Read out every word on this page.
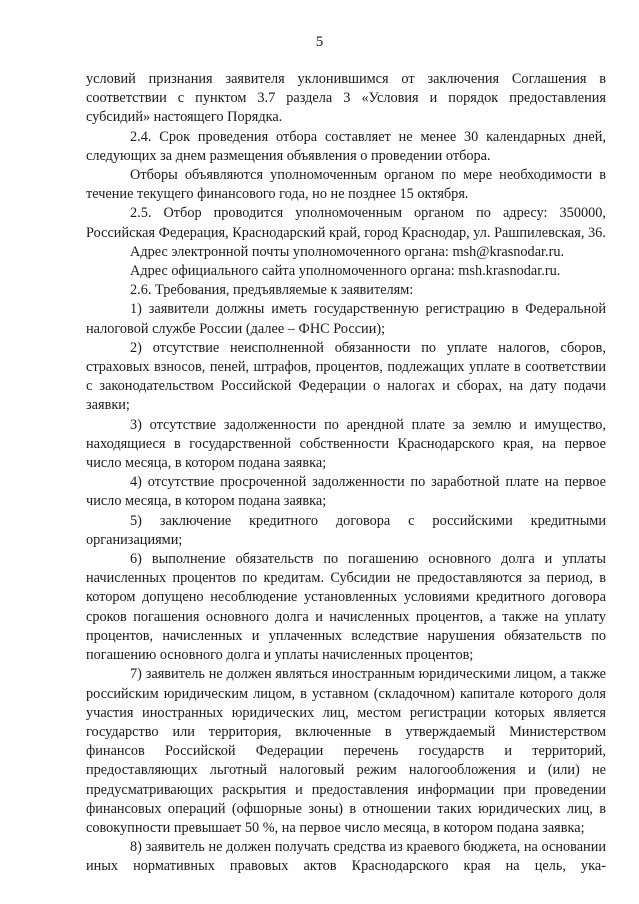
5

условий признания заявителя уклонившимся от заключения Соглашения в соответствии с пунктом 3.7 раздела 3 «Условия и порядок предоставления субсидий» настоящего Порядка.

2.4. Срок проведения отбора составляет не менее 30 календарных дней, следующих за днем размещения объявления о проведении отбора.

Отборы объявляются уполномоченным органом по мере необходимости в течение текущего финансового года, но не позднее 15 октября.

2.5. Отбор проводится уполномоченным органом по адресу: 350000, Российская Федерация, Краснодарский край, город Краснодар, ул. Рашпилевская, 36.

Адрес электронной почты уполномоченного органа: msh@krasnodar.ru.

Адрес официального сайта уполномоченного органа: msh.krasnodar.ru.

2.6. Требования, предъявляемые к заявителям:

1) заявители должны иметь государственную регистрацию в Федеральной налоговой службе России (далее – ФНС России);

2) отсутствие неисполненной обязанности по уплате налогов, сборов, страховых взносов, пеней, штрафов, процентов, подлежащих уплате в соответствии с законодательством Российской Федерации о налогах и сборах, на дату подачи заявки;

3) отсутствие задолженности по арендной плате за землю и имущество, находящиеся в государственной собственности Краснодарского края, на первое число месяца, в котором подана заявка;

4) отсутствие просроченной задолженности по заработной плате на первое число месяца, в котором подана заявка;

5) заключение кредитного договора с российскими кредитными организациями;

6) выполнение обязательств по погашению основного долга и уплаты начисленных процентов по кредитам. Субсидии не предоставляются за период, в котором допущено несоблюдение установленных условиями кредитного договора сроков погашения основного долга и начисленных процентов, а также на уплату процентов, начисленных и уплаченных вследствие нарушения обязательств по погашению основного долга и уплаты начисленных процентов;

7) заявитель не должен являться иностранным юридическими лицом, а также российским юридическим лицом, в уставном (складочном) капитале которого доля участия иностранных юридических лиц, местом регистрации которых является государство или территория, включенные в утверждаемый Министерством финансов Российской Федерации перечень государств и территорий, предоставляющих льготный налоговый режим налогообложения и (или) не предусматривающих раскрытия и предоставления информации при проведении финансовых операций (офшорные зоны) в отношении таких юридических лиц, в совокупности превышает 50 %, на первое число месяца, в котором подана заявка;

8) заявитель не должен получать средства из краевого бюджета, на основании иных нормативных правовых актов Краснодарского края на цель, ука-
